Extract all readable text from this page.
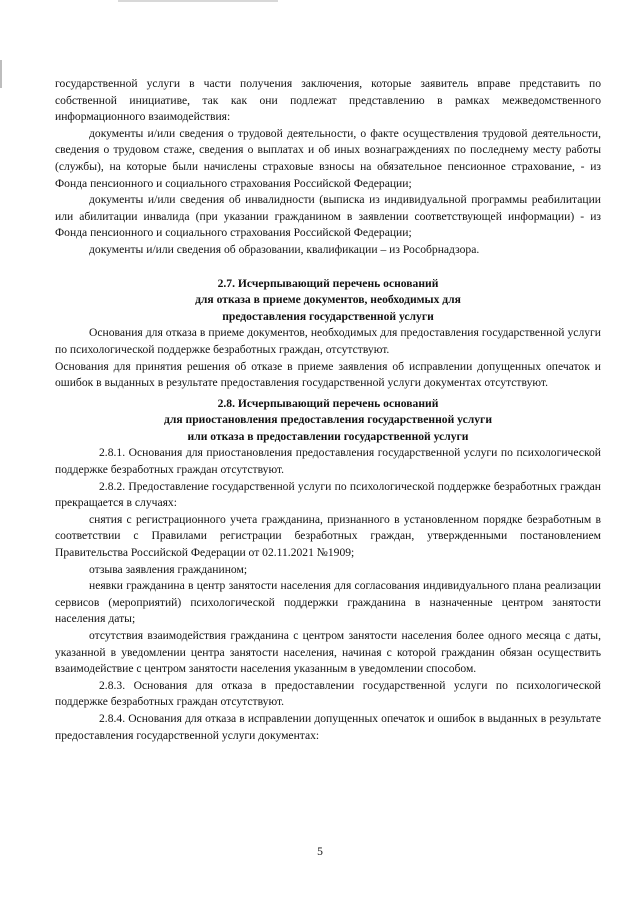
государственной услуги в части получения заключения, которые заявитель вправе представить по собственной инициативе, так как они подлежат представлению в рамках межведомственного информационного взаимодействия:

документы и/или сведения о трудовой деятельности, о факте осуществления трудовой деятельности, сведения о трудовом стаже, сведения о выплатах и об иных вознаграждениях по последнему месту работы (службы), на которые были начислены страховые взносы на обязательное пенсионное страхование, - из Фонда пенсионного и социального страхования Российской Федерации;

документы и/или сведения об инвалидности (выписка из индивидуальной программы реабилитации или абилитации инвалида (при указании гражданином в заявлении соответствующей информации) - из Фонда пенсионного и социального страхования Российской Федерации;

документы и/или сведения об образовании, квалификации – из Рособрнадзора.

2.7. Исчерпывающий перечень оснований

для отказа в приеме документов, необходимых для

предоставления государственной услуги

Основания для отказа в приеме документов, необходимых для предоставления государственной услуги по психологической поддержке безработных граждан, отсутствуют.

Основания для принятия решения об отказе в приеме заявления об исправлении допущенных опечаток и ошибок в выданных в результате предоставления государственной услуги документах отсутствуют.

2.8. Исчерпывающий перечень оснований

для приостановления предоставления государственной услуги

или отказа в предоставлении государственной услуги

2.8.1. Основания для приостановления предоставления государственной услуги по психологической поддержке безработных граждан отсутствуют.

2.8.2. Предоставление государственной услуги по психологической поддержке безработных граждан прекращается в случаях:

снятия с регистрационного учета гражданина, признанного в установленном порядке безработным в соответствии с Правилами регистрации безработных граждан, утвержденными постановлением Правительства Российской Федерации от 02.11.2021 №1909;

отзыва заявления гражданином;

неявки гражданина в центр занятости населения для согласования индивидуального плана реализации сервисов (мероприятий) психологической поддержки гражданина в назначенные центром занятости населения даты;

отсутствия взаимодействия гражданина с центром занятости населения более одного месяца с даты, указанной в уведомлении центра занятости населения, начиная с которой гражданин обязан осуществить взаимодействие с центром занятости населения указанным в уведомлении способом.

2.8.3. Основания для отказа в предоставлении государственной услуги по психологической поддержке безработных граждан отсутствуют.

2.8.4. Основания для отказа в исправлении допущенных опечаток и ошибок в выданных в результате предоставления государственной услуги документах:

5
